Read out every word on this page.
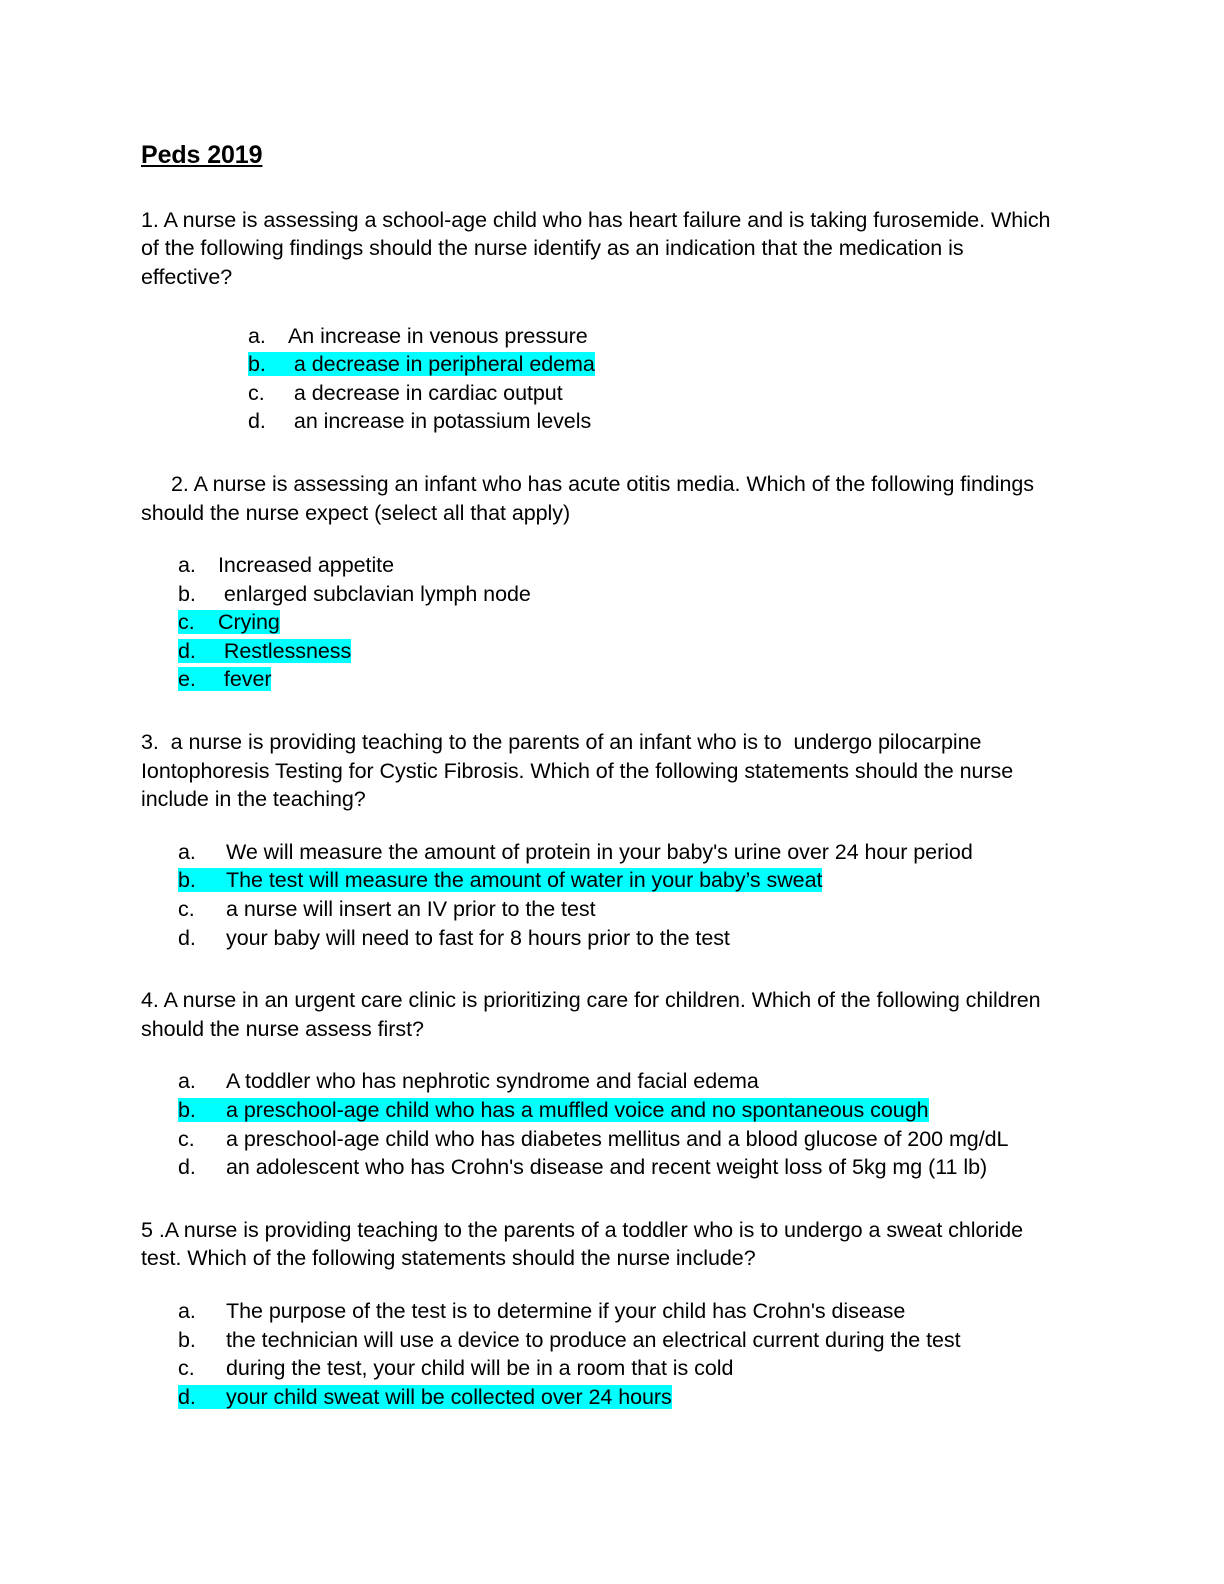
Peds 2019

1. A nurse is assessing a school-age child who has heart failure and is taking furosemide. Which of the following findings should the nurse identify as an indication that the medication is effective?

a. An increase in venous pressure
b. a decrease in peripheral edema
c. a decrease in cardiac output
d. an increase in potassium levels

2. A nurse is assessing an infant who has acute otitis media. Which of the following findings should the nurse expect (select all that apply)

a. Increased appetite
b. enlarged subclavian lymph node
c. Crying
d. Restlessness
e. fever

3.  a nurse is providing teaching to the parents of an infant who is to  undergo pilocarpine Iontophoresis Testing for Cystic Fibrosis. Which of the following statements should the nurse include in the teaching?

a. We will measure the amount of protein in your baby's urine over 24 hour period
b. The test will measure the amount of water in your baby’s sweat
c. a nurse will insert an IV prior to the test
d. your baby will need to fast for 8 hours prior to the test

4. A nurse in an urgent care clinic is prioritizing care for children. Which of the following children should the nurse assess first?

a. A toddler who has nephrotic syndrome and facial edema
b. a preschool-age child who has a muffled voice and no spontaneous cough
c. a preschool-age child who has diabetes mellitus and a blood glucose of 200 mg/dL
d. an adolescent who has Crohn's disease and recent weight loss of 5kg mg (11 lb)

5 .A nurse is providing teaching to the parents of a toddler who is to undergo a sweat chloride test. Which of the following statements should the nurse include?

a. The purpose of the test is to determine if your child has Crohn's disease
b. the technician will use a device to produce an electrical current during the test
c. during the test, your child will be in a room that is cold
d. your child sweat will be collected over 24 hours
